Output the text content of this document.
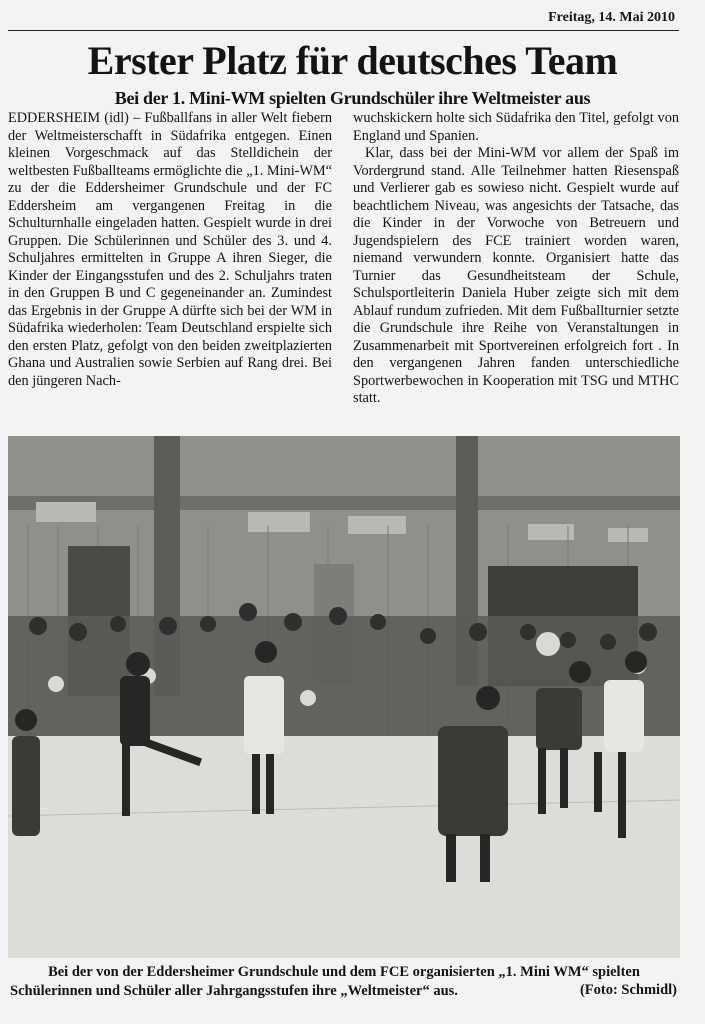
Freitag, 14. Mai 2010
Erster Platz für deutsches Team
Bei der 1. Mini-WM spielten Grundschüler ihre Weltmeister aus

EDDERSHEIM (idl) – Fußballfans in aller Welt fiebern der Weltmeisterschafft in Südafrika entgegen. Einen kleinen Vorgeschmack auf das Stelldichein der weltbesten Fußballteams ermöglichte die „1. Mini-WM“ zu der die Eddersheimer Grundschule und der FC Eddersheim am vergangenen Freitag in die Schulturnhalle eingeladen hatten. Gespielt wurde in drei Gruppen. Die Schülerinnen und Schüler des 3. und 4. Schuljahres ermittelten in Gruppe A ihren Sieger, die Kinder der Eingangsstufen und des 2. Schuljahrs traten in den Gruppen B und C gegeneinander an. Zumindest das Ergebnis in der Gruppe A dürfte sich bei der WM in Südafrika wiederholen: Team Deutschland erspielte sich den ersten Platz, gefolgt von den beiden zweitplazierten Ghana und Australien sowie Serbien auf Rang drei. Bei den jüngeren Nach-

wuchskickern holte sich Südafrika den Titel, gefolgt von England und Spanien.

Klar, dass bei der Mini-WM vor allem der Spaß im Vordergrund stand. Alle Teilnehmer hatten Riesenspaß und Verlierer gab es sowieso nicht. Gespielt wurde auf beachtlichem Niveau, was angesichts der Tatsache, das die Kinder in der Vorwoche von Betreuern und Jugendspielern des FCE trainiert worden waren, niemand verwundern konnte. Organisiert hatte das Turnier das Gesundheitsteam der Schule, Schulsportleiterin Daniela Huber zeigte sich mit dem Ablauf rundum zufrieden. Mit dem Fußballturnier setzte die Grundschule ihre Reihe von Veranstaltungen in Zusammenarbeit mit Sportvereinen erfolgreich fort . In den vergangenen Jahren fanden unterschiedliche Sportwerbewochen in Kooperation mit TSG und MTHC statt.

Bei der von der Eddersheimer Grundschule und dem FCE organisierten „1. Mini WM“ spielten
Schülerinnen und Schüler aller Jahrgangsstufen ihre „Weltmeister“ aus.	(Foto: Schmidl)
